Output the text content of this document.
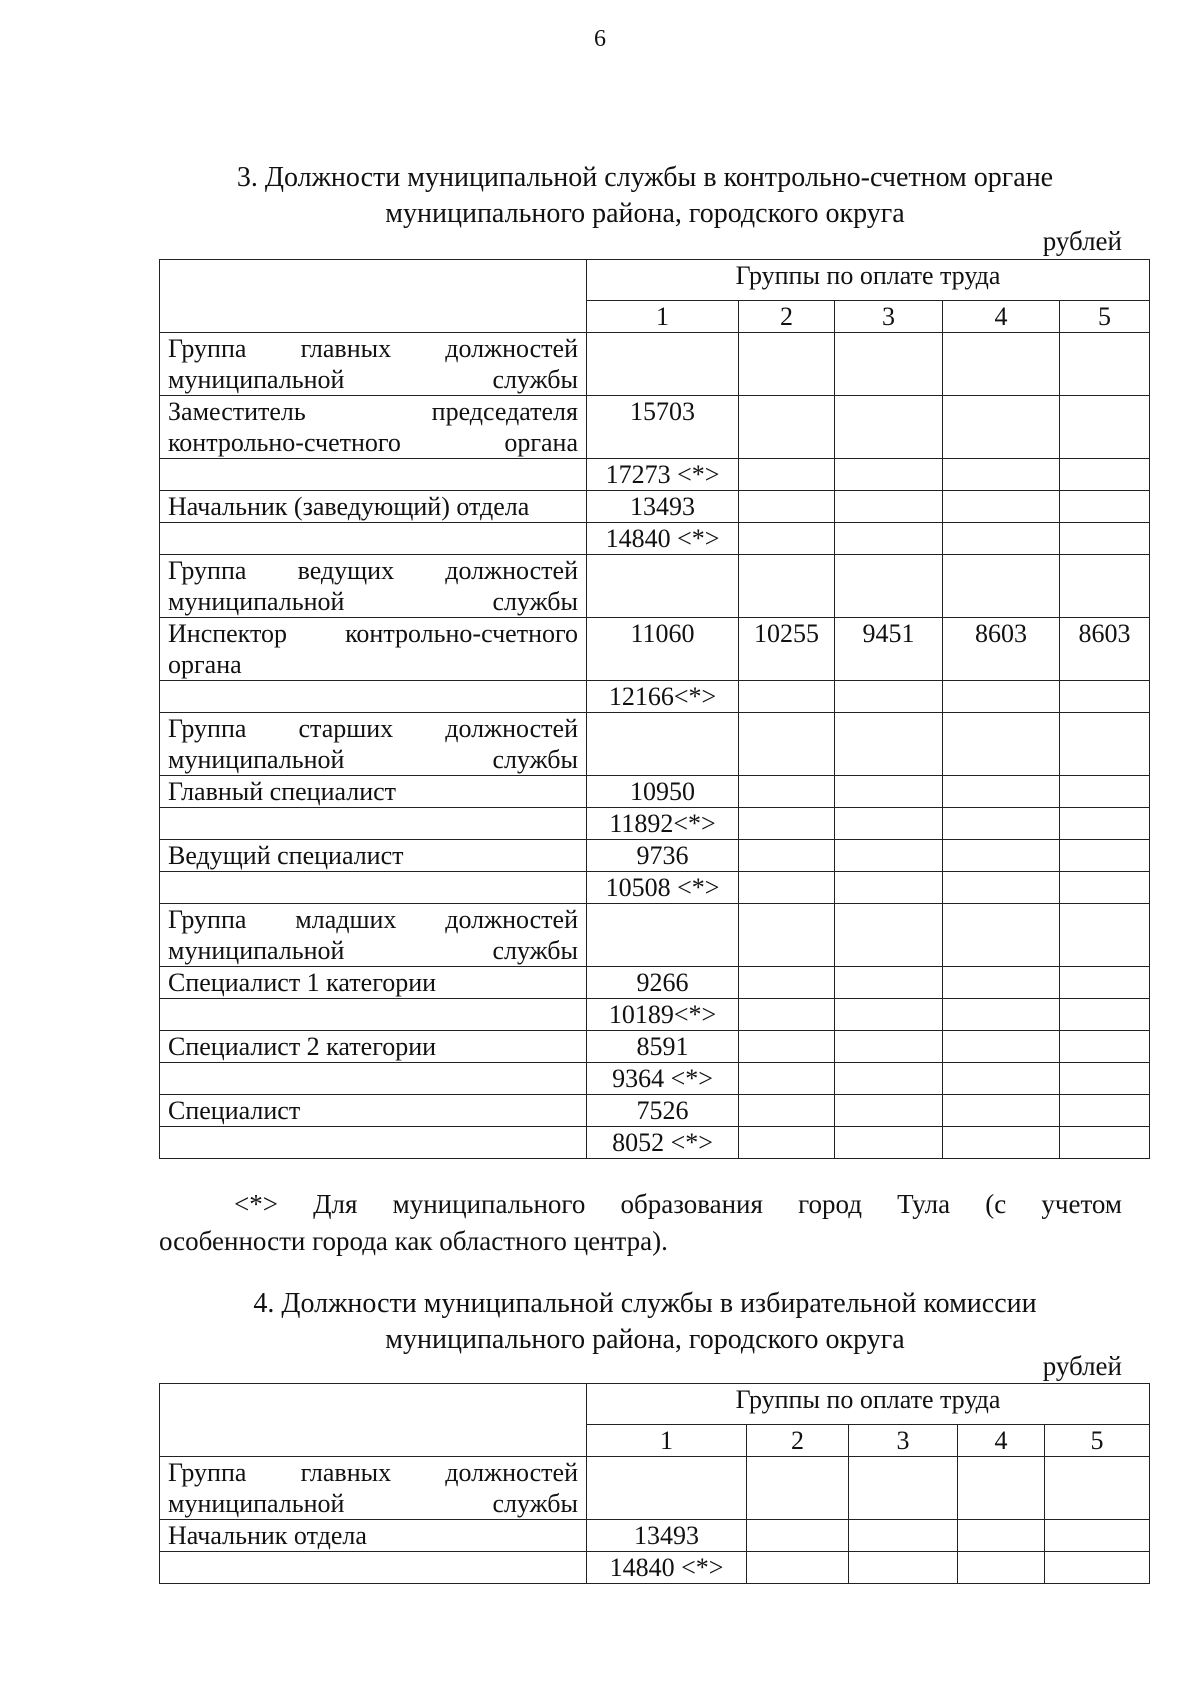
6
3. Должности муниципальной службы в контрольно-счетном органе
муниципального района, городского округа
рублей
	Группы по оплате труда				
	1	2	3	4	5
Группа главных должностей муниципальной службы					
Заместитель председателя контрольно-счетного органа	15703				
	17273 <*>				
Начальник (заведующий) отдела	13493				
	14840 <*>				
Группа ведущих должностей муниципальной службы					
Инспектор контрольно-счетного органа	11060	10255	9451	8603	8603
	12166<*>				
Группа старших должностей муниципальной службы					
Главный специалист	10950				
	11892<*>				
Ведущий специалист	9736				
	10508 <*>				
Группа младших должностей муниципальной службы					
Специалист 1 категории	9266				
	10189<*>				
Специалист 2 категории	8591				
	9364 <*>				
Специалист	7526				
	8052 <*>				
<*> Для муниципального образования город Тула (с учетом
особенности города как областного центра).
4. Должности муниципальной службы в избирательной комиссии
муниципального района, городского округа
рублей
	Группы по оплате труда				
	1	2	3	4	5
Группа главных должностей муниципальной службы					
Начальник отдела	13493				
	14840 <*>				
